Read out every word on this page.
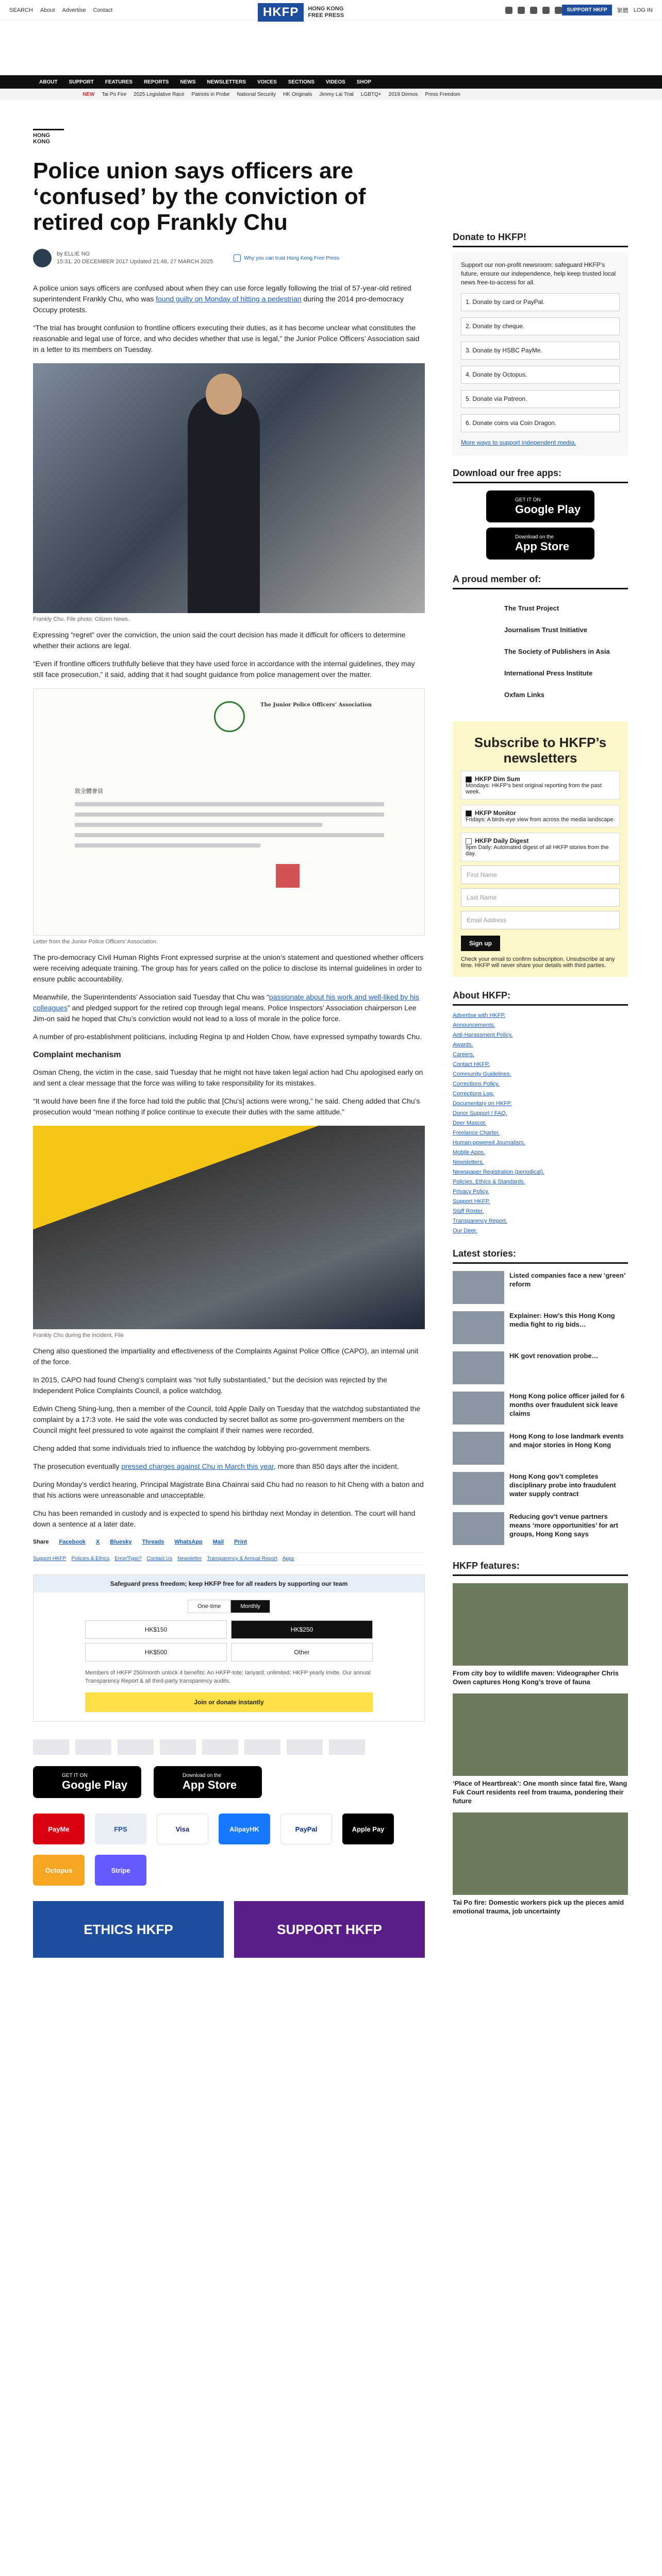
SEARCH About Advertise Contact	HKFP	HONG KONG
FREE PRESS
SUPPORT HKFP	繁體 LOG IN
ABOUT SUPPORT FEATURES REPORTS NEWS NEWSLETTERS VOICES SECTIONS VIDEOS SHOP
NEW Tai Po Fire 2025 Legislative Race Patriots in Probe National Security HK Originals Jimmy Lai Trial LGBTQ+ 2019 Demos Press Freedom
HONG KONG
Police union says officers are ‘confused’ by the conviction of retired cop Frankly Chu
by ELLIE NG
15:31, 20 DECEMBER 2017 Updated 21:48, 27 MARCH 2025
Why you can trust Hong Kong Free Press

A police union says officers are confused about when they can use force legally following the trial of 57-year-old retired superintendent Frankly Chu, who was found guilty on Monday of hitting a pedestrian during the 2014 pro-democracy Occupy protests.

“The trial has brought confusion to frontline officers executing their duties, as it has become unclear what constitutes the reasonable and legal use of force, and who decides whether that use is legal,” the Junior Police Officers’ Association said in a letter to its members on Tuesday.

Frankly Chu. File photo: Citizen News.

Expressing “regret” over the conviction, the union said the court decision has made it difficult for officers to determine whether their actions are legal.

“Even if frontline officers truthfully believe that they have used force in accordance with the internal guidelines, they may still face prosecution,” it said, adding that it had sought guidance from police management over the matter.

The Junior Police Officers’ Association
致全體會員
Letter from the Junior Police Officers’ Association.

The pro-democracy Civil Human Rights Front expressed surprise at the union’s statement and questioned whether officers were receiving adequate training. The group has for years called on the police to disclose its internal guidelines in order to ensure public accountability.

Meanwhile, the Superintendents’ Association said Tuesday that Chu was “passionate about his work and well-liked by his colleagues” and pledged support for the retired cop through legal means. Police Inspectors’ Association chairperson Lee Jim-on said he hoped that Chu’s conviction would not lead to a loss of morale in the police force.

A number of pro-establishment politicians, including Regina Ip and Holden Chow, have expressed sympathy towards Chu.

Complaint mechanism

Osman Cheng, the victim in the case, said Tuesday that he might not have taken legal action had Chu apologised early on and sent a clear message that the force was willing to take responsibility for its mistakes.

“It would have been fine if the force had told the public that [Chu’s] actions were wrong,” he said. Cheng added that Chu’s prosecution would “mean nothing if police continue to execute their duties with the same attitude.”

Frankly Chu during the incident. File

Cheng also questioned the impartiality and effectiveness of the Complaints Against Police Office (CAPO), an internal unit of the force.

In 2015, CAPO had found Cheng’s complaint was “not fully substantiated,” but the decision was rejected by the Independent Police Complaints Council, a police watchdog.

Edwin Cheng Shing-lung, then a member of the Council, told Apple Daily on Tuesday that the watchdog substantiated the complaint by a 17:3 vote. He said the vote was conducted by secret ballot as some pro-government members on the Council might feel pressured to vote against the complaint if their names were recorded.

Cheng added that some individuals tried to influence the watchdog by lobbying pro-government members.

The prosecution eventually pressed charges against Chu in March this year, more than 850 days after the incident.

During Monday’s verdict hearing, Principal Magistrate Bina Chainrai said Chu had no reason to hit Cheng with a baton and that his actions were unreasonable and unacceptable.

Chu has been remanded in custody and is expected to spend his birthday next Monday in detention. The court will hand down a sentence at a later date.

Share Facebook X Bluesky Threads WhatsApp Mail Print
Support HKFP Policies & Ethics Error/Typo? Contact Us Newsletter Transparency & Annual Report Apps
Safeguard press freedom; keep HKFP free for all readers by supporting our team
One-time	Monthly
HK$150	HK$250
HK$500	Other
Members of HKFP 250/month unlock 4 benefits: An HKFP-tote; lanyard; unlimited; HKFP yearly invite. Our annual Transparency Report & all third-party transparency audits.
Join or donate instantly
GET IT ON
Google Play
Download on the
App Store
PayMe	FPS	Visa	AlipayHK	PayPal	Apple Pay
Octopus	Stripe
ETHICS HKFP	SUPPORT HKFP
Donate to HKFP!
Support our non-profit newsroom: safeguard HKFP’s future, ensure our independence, help keep trusted local news free-to-access for all.
1. Donate by card or PayPal.
2. Donate by cheque.
3. Donate by HSBC PayMe.
4. Donate by Octopus.
5. Donate via Patreon.
6. Donate coins via Coin Dragon.
More ways to support independent media.
Download our free apps:
GET IT ON
Google Play
Download on the
App Store
A proud member of:
The Trust Project
Journalism Trust Initiative
The Society of Publishers in Asia
International Press Institute
Oxfam Links
Subscribe to HKFP’s newsletters
HKFP Dim Sum
Mondays: HKFP’s best original reporting from the past week.
HKFP Monitor
Fridays: A birds-eye view from across the media landscape.
HKFP Daily Digest
9pm Daily: Automated digest of all HKFP stories from the day.
First Name
Last Name
Email Address
Sign up
Check your email to confirm subscription. Unsubscribe at any time. HKFP will never share your details with third parties.
About HKFP:
Advertise with HKFP.
Announcements.
Anti-Harassment Policy.
Awards.
Careers.
Contact HKFP.
Community Guidelines.
Corrections Policy.
Corrections Log.
Documentary on HKFP.
Donor Support / FAQ.
Deer Mascot.
Freelance Charter.
Human-powered Journalism.
Mobile Apps.
Newsletters.
Newspaper Registration (periodical).
Policies, Ethics & Standards.
Privacy Policy.
Support HKFP.
Staff Roster.
Transparency Report.
Our Deer.
Latest stories:
Listed companies face a new ‘green’ reform
Explainer: How’s this Hong Kong media fight to rig bids…
HK govt renovation probe…
Hong Kong police officer jailed for 6 months over fraudulent sick leave claims
Hong Kong to lose landmark events and major stories in Hong Kong
Hong Kong gov’t completes disciplinary probe into fraudulent water supply contract
Reducing gov’t venue partners means ‘more opportunities’ for art groups, Hong Kong says
HKFP features:
From city boy to wildlife maven: Videographer Chris Owen captures Hong Kong’s trove of fauna
‘Place of Heartbreak’: One month since fatal fire, Wang Fuk Court residents reel from trauma, pondering their future
Tai Po fire: Domestic workers pick up the pieces amid emotional trauma, job uncertainty
